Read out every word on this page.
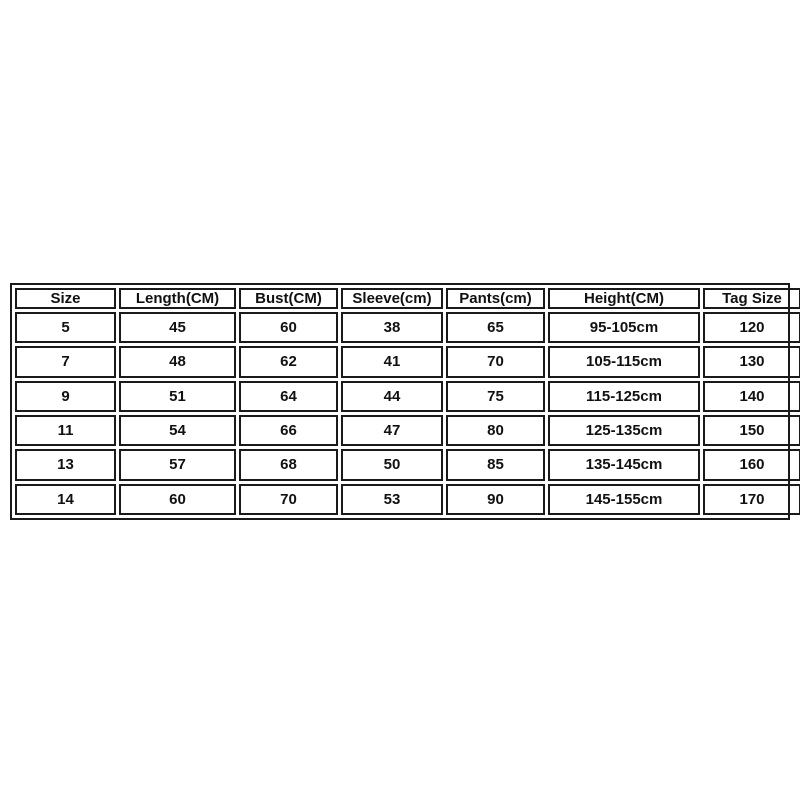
Size	Length(CM)	Bust(CM)	Sleeve(cm)	Pants(cm)	Height(CM)	Tag Size
5	45	60	38	65	95-105cm	120
7	48	62	41	70	105-115cm	130
9	51	64	44	75	115-125cm	140
11	54	66	47	80	125-135cm	150
13	57	68	50	85	135-145cm	160
14	60	70	53	90	145-155cm	170
